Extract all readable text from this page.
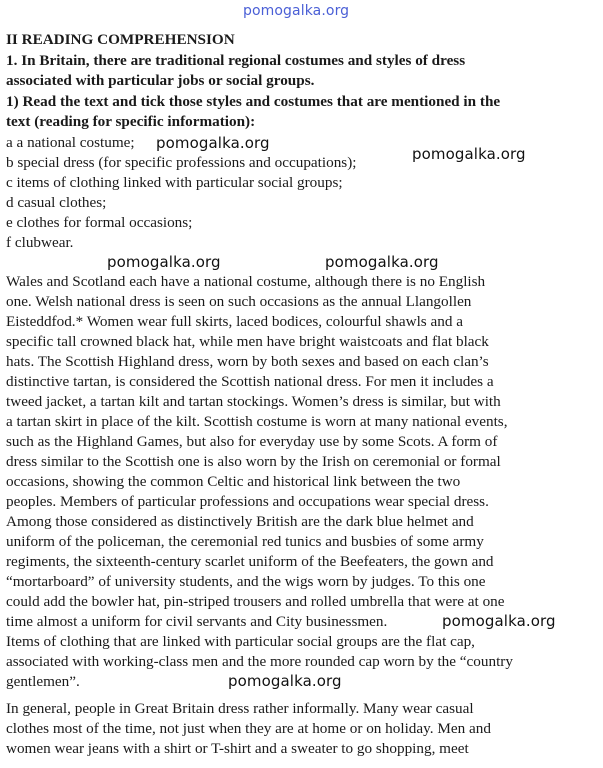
pomogalka.org
II READING COMPREHENSION
1. In Britain, there are traditional regional costumes and styles of dress
associated with particular jobs or social groups.
1) Read the text and tick those styles and costumes that are mentioned in the
text (reading for specific information):
a a national costume;
b special dress (for specific professions and occupations);
c items of clothing linked with particular social groups;
d casual clothes;
e clothes for formal occasions;
f clubwear.
pomogalka.org
pomogalka.org
pomogalka.org	pomogalka.org
Wales and Scotland each have a national costume, although there is no English
one. Welsh national dress is seen on such occasions as the annual Llangollen
Eisteddfod.* Women wear full skirts, laced bodices, colourful shawls and a
specific tall crowned black hat, while men have bright waistcoats and flat black
hats. The Scottish Highland dress, worn by both sexes and based on each clan’s
distinctive tartan, is considered the Scottish national dress. For men it includes a
tweed jacket, a tartan kilt and tartan stockings. Women’s dress is similar, but with
a tartan skirt in place of the kilt. Scottish costume is worn at many national events,
such as the Highland Games, but also for everyday use by some Scots. A form of
dress similar to the Scottish one is also worn by the Irish on ceremonial or formal
occasions, showing the common Celtic and historical link between the two
peoples. Members of particular professions and occupations wear special dress.
Among those considered as distinctively British are the dark blue helmet and
uniform of the policeman, the ceremonial red tunics and busbies of some army
regiments, the sixteenth-century scarlet uniform of the Beefeaters, the gown and
“mortarboard” of university students, and the wigs worn by judges. To this one
could add the bowler hat, pin-striped trousers and rolled umbrella that were at one
time almost a uniform for civil servants and City businessmen.
Items of clothing that are linked with particular social groups are the flat cap,
associated with working-class men and the more rounded cap worn by the “country
gentlemen”.
In general, people in Great Britain dress rather informally. Many wear casual
clothes most of the time, not just when they are at home or on holiday. Men and
women wear jeans with a shirt or T-shirt and a sweater to go shopping, meet
pomogalka.org
pomogalka.org
